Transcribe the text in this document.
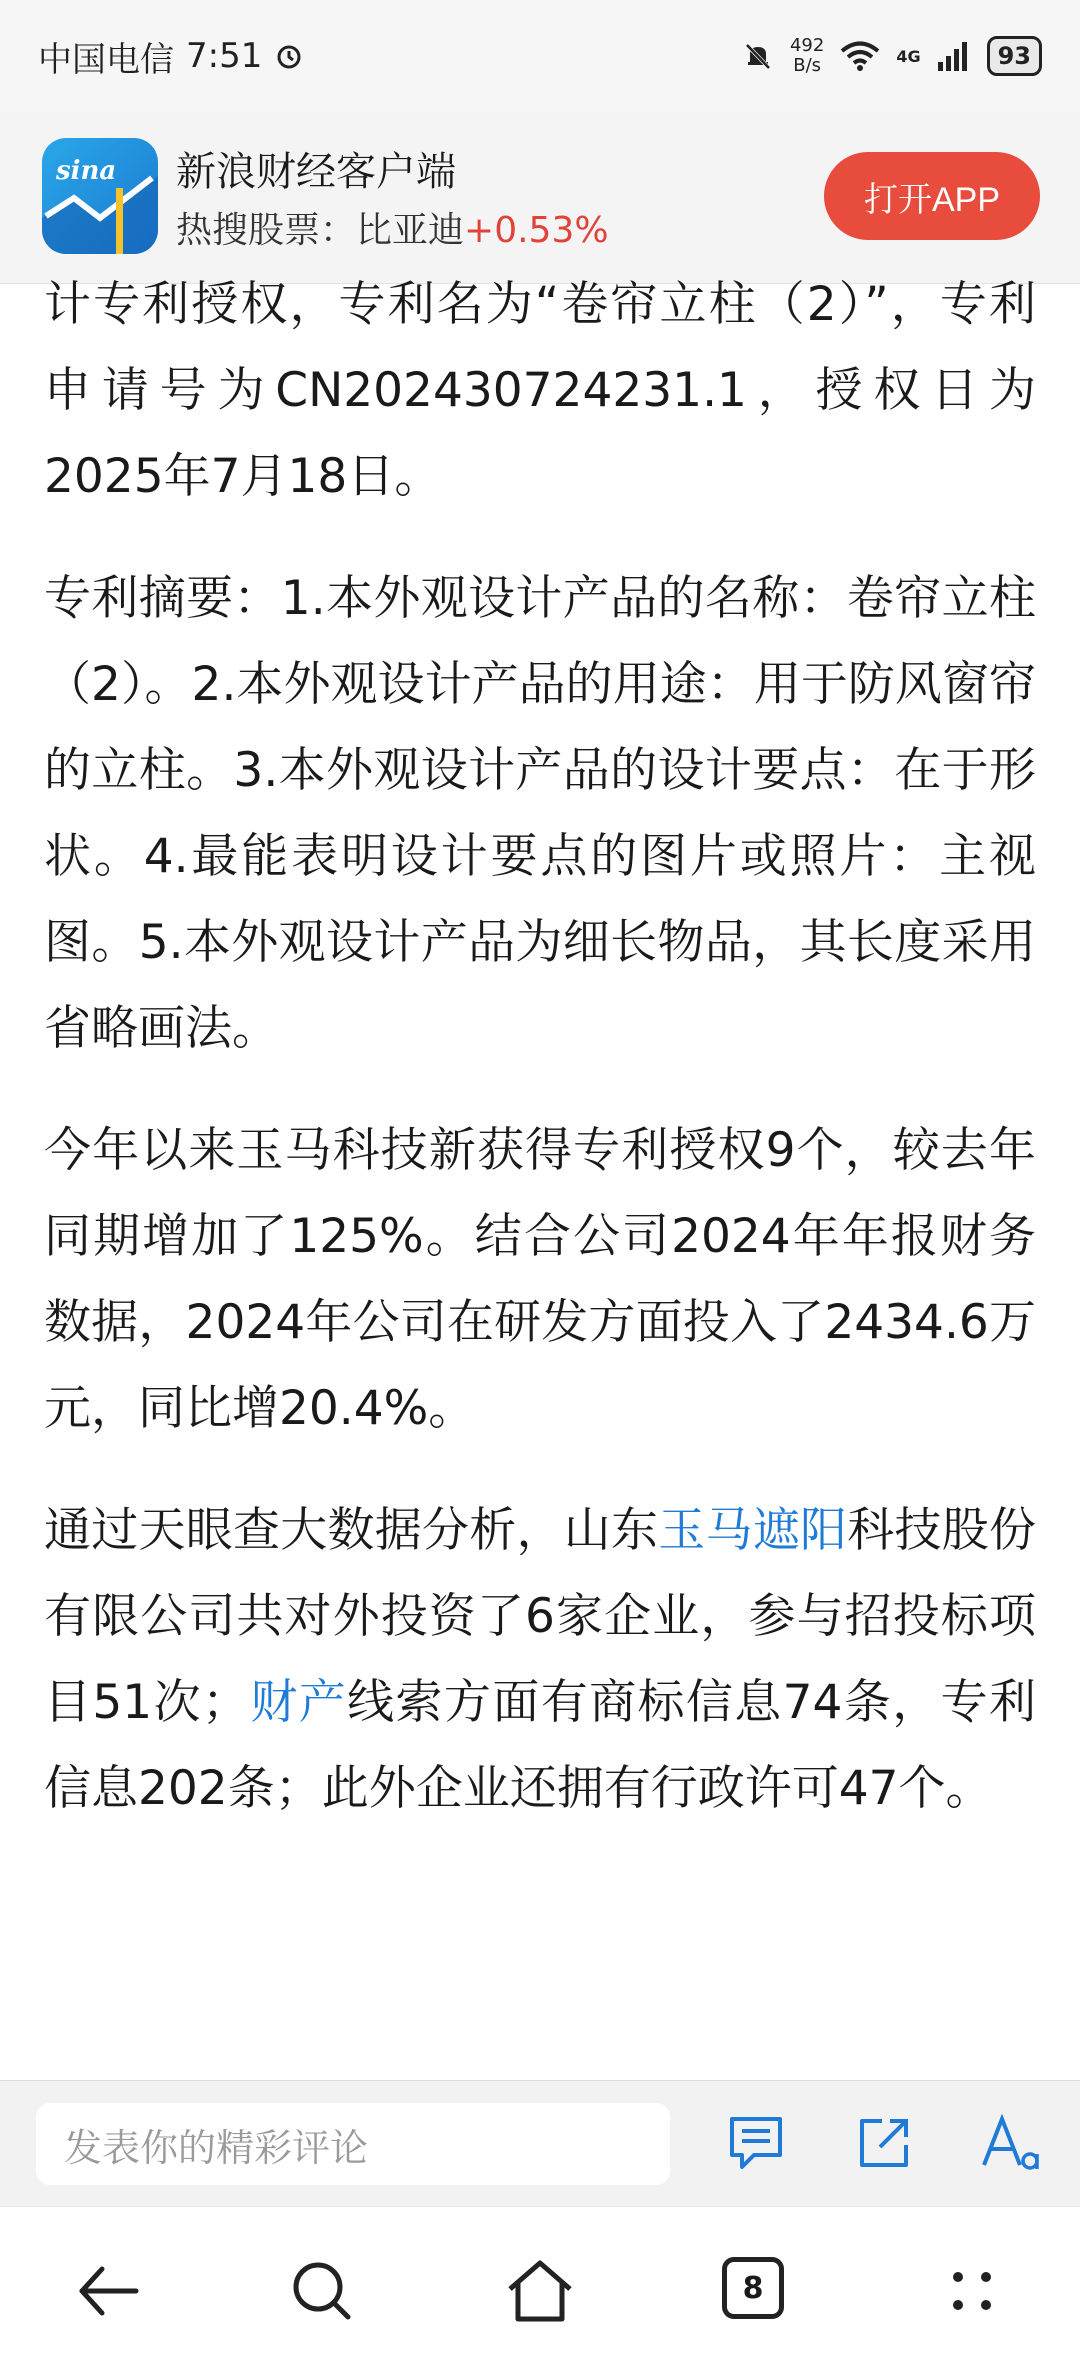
中国电信 7:51	492
B/s	4G	93
sina 新浪财经客户端
热搜股票：比亚迪+0.53%
打开APP

计专利授权，专利名为“卷帘立柱（2）”，专利申请号为CN202430724231.1，授权日为2025年7月18日。

专利摘要：1.本外观设计产品的名称：卷帘立柱（2）。2.本外观设计产品的用途：用于防风窗帘的立柱。3.本外观设计产品的设计要点：在于形状。4.最能表明设计要点的图片或照片：主视图。5.本外观设计产品为细长物品，其长度采用省略画法。

今年以来玉马科技新获得专利授权9个，较去年同期增加了125%。结合公司2024年年报财务数据，2024年公司在研发方面投入了2434.6万元，同比增20.4%。

通过天眼查大数据分析，山东玉马遮阳科技股份有限公司共对外投资了6家企业，参与招投标项目51次；财产线索方面有商标信息74条，专利信息202条；此外企业还拥有行政许可47个。

发表你的精彩评论
8
